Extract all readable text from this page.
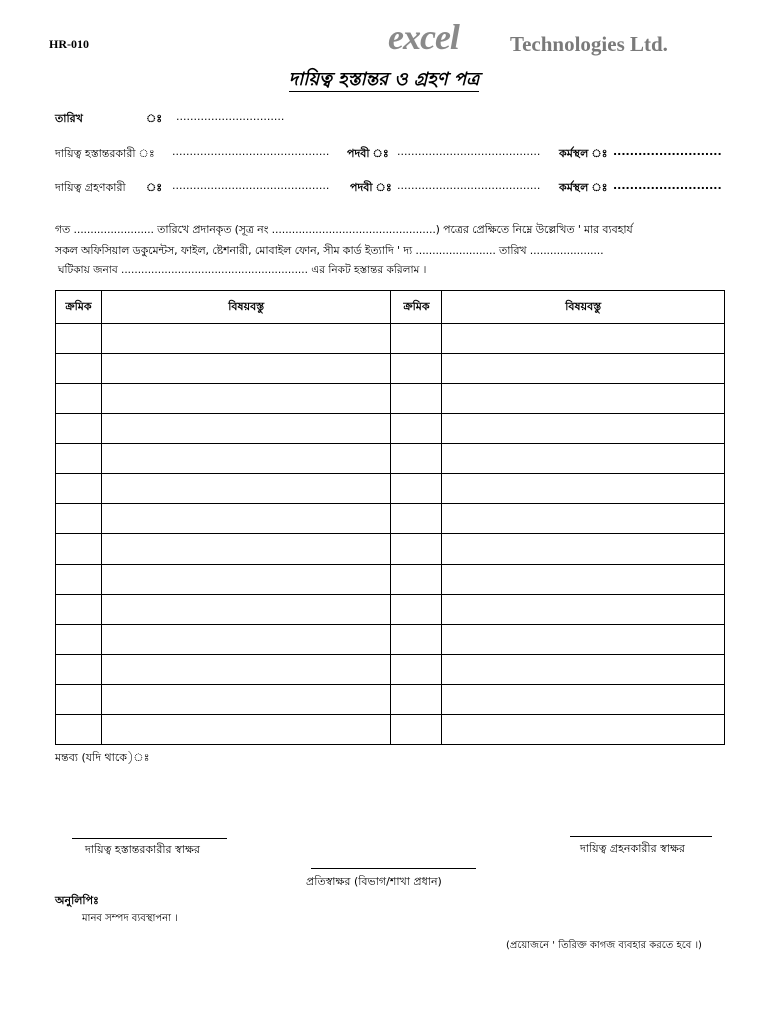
HR-010	excel Technologies Ltd.
দায়িত্ব হস্তান্তর ও গ্রহণ পত্র
তারিখ	ঃ ...............................
দায়িত্ব হস্তান্তরকারী ঃ ............................................. পদবী ঃ ......................................... কর্মস্থল ঃ ..........................
দায়িত্ব গ্রহণকারী ঃ ............................................. পদবী ঃ ......................................... কর্মস্থল ঃ ..........................
গত ........................ তারিখে প্রদানকৃত (সূত্র নং .................................................) পত্রের প্রেক্ষিতে নিম্নে উল্লেখিত ' মার ব্যবহার্য
সকল অফিসিয়াল ডকুমেন্টস, ফাইল, ষ্টেশনারী, মোবাইল ফোন, সীম কার্ড ইত্যাদি ' দ্য ........................ তারিখ ......................
ঘটিকায় জনাব ........................................................ এর নিকট হস্তান্তর করিলাম ।
ক্রমিক	বিষয়বস্তু	ক্রমিক	বিষয়বস্তু

মন্তব্য (যদি থাকে)ঃ
দায়িত্ব হস্তান্তরকারীর স্বাক্ষর	দায়িত্ব গ্রহনকারীর স্বাক্ষর
প্রতিস্বাক্ষর (বিভাগ/শাখা প্রধান)
অনুলিপিঃ
মানব সম্পদ ব্যবস্থাপনা ।
(প্রয়োজনে ' তিরিক্ত কাগজ ব্যবহার করতে হবে ।)
